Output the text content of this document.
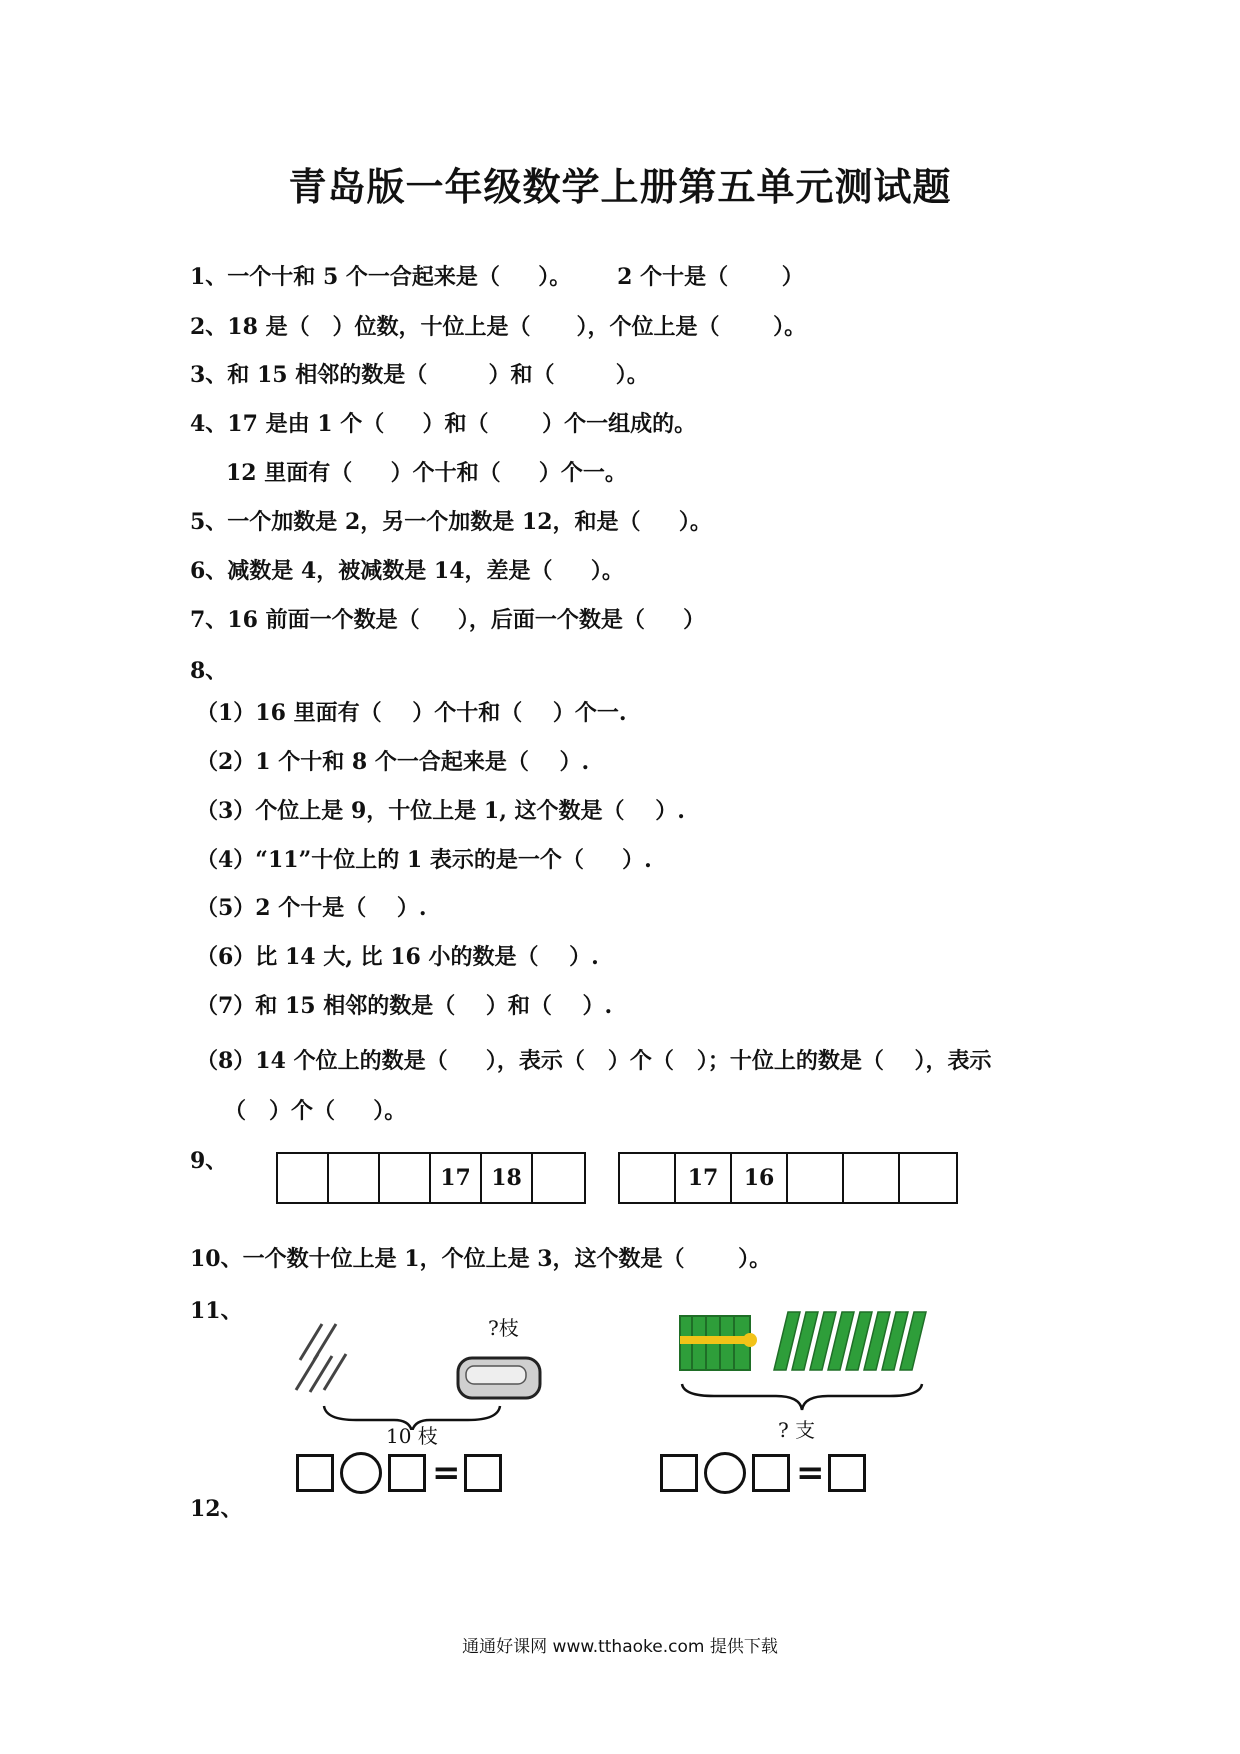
青岛版一年级数学上册第五单元测试题
1、一个十和 5 个一合起来是（     ）。      2 个十是（       ）
2、18 是（   ）位数，十位上是（      ），个位上是（       ）。
3、和 15 相邻的数是（        ）和（        ）。
4、17 是由 1 个（     ）和（       ）个一组成的。
12 里面有（     ）个十和（     ）个一。
5、一个加数是 2，另一个加数是 12，和是（     ）。
6、减数是 4，被减数是 14，差是（     ）。
7、16 前面一个数是（     ），后面一个数是（     ）
8、
（1）16 里面有（    ）个十和（    ）个一.
（2）1 个十和 8 个一合起来是（    ）.
（3）个位上是 9，十位上是 1, 这个数是（    ）.
（4）“11”十位上的 1 表示的是一个（     ）.
（5）2 个十是（    ）.
（6）比 14 大, 比 16 小的数是（    ）.
（7）和 15 相邻的数是（    ）和（    ）.
（8）14 个位上的数是（     ），表示（   ）个（   ）；十位上的数是（    ），表示
（   ）个（     ）。
9、
17 18	17	16
10、一个数十位上是 1，个位上是 3，这个数是（       ）。
11、
?枝
10 枝	? 支
=	=
12、
通通好课网 www.tthaoke.com 提供下载
